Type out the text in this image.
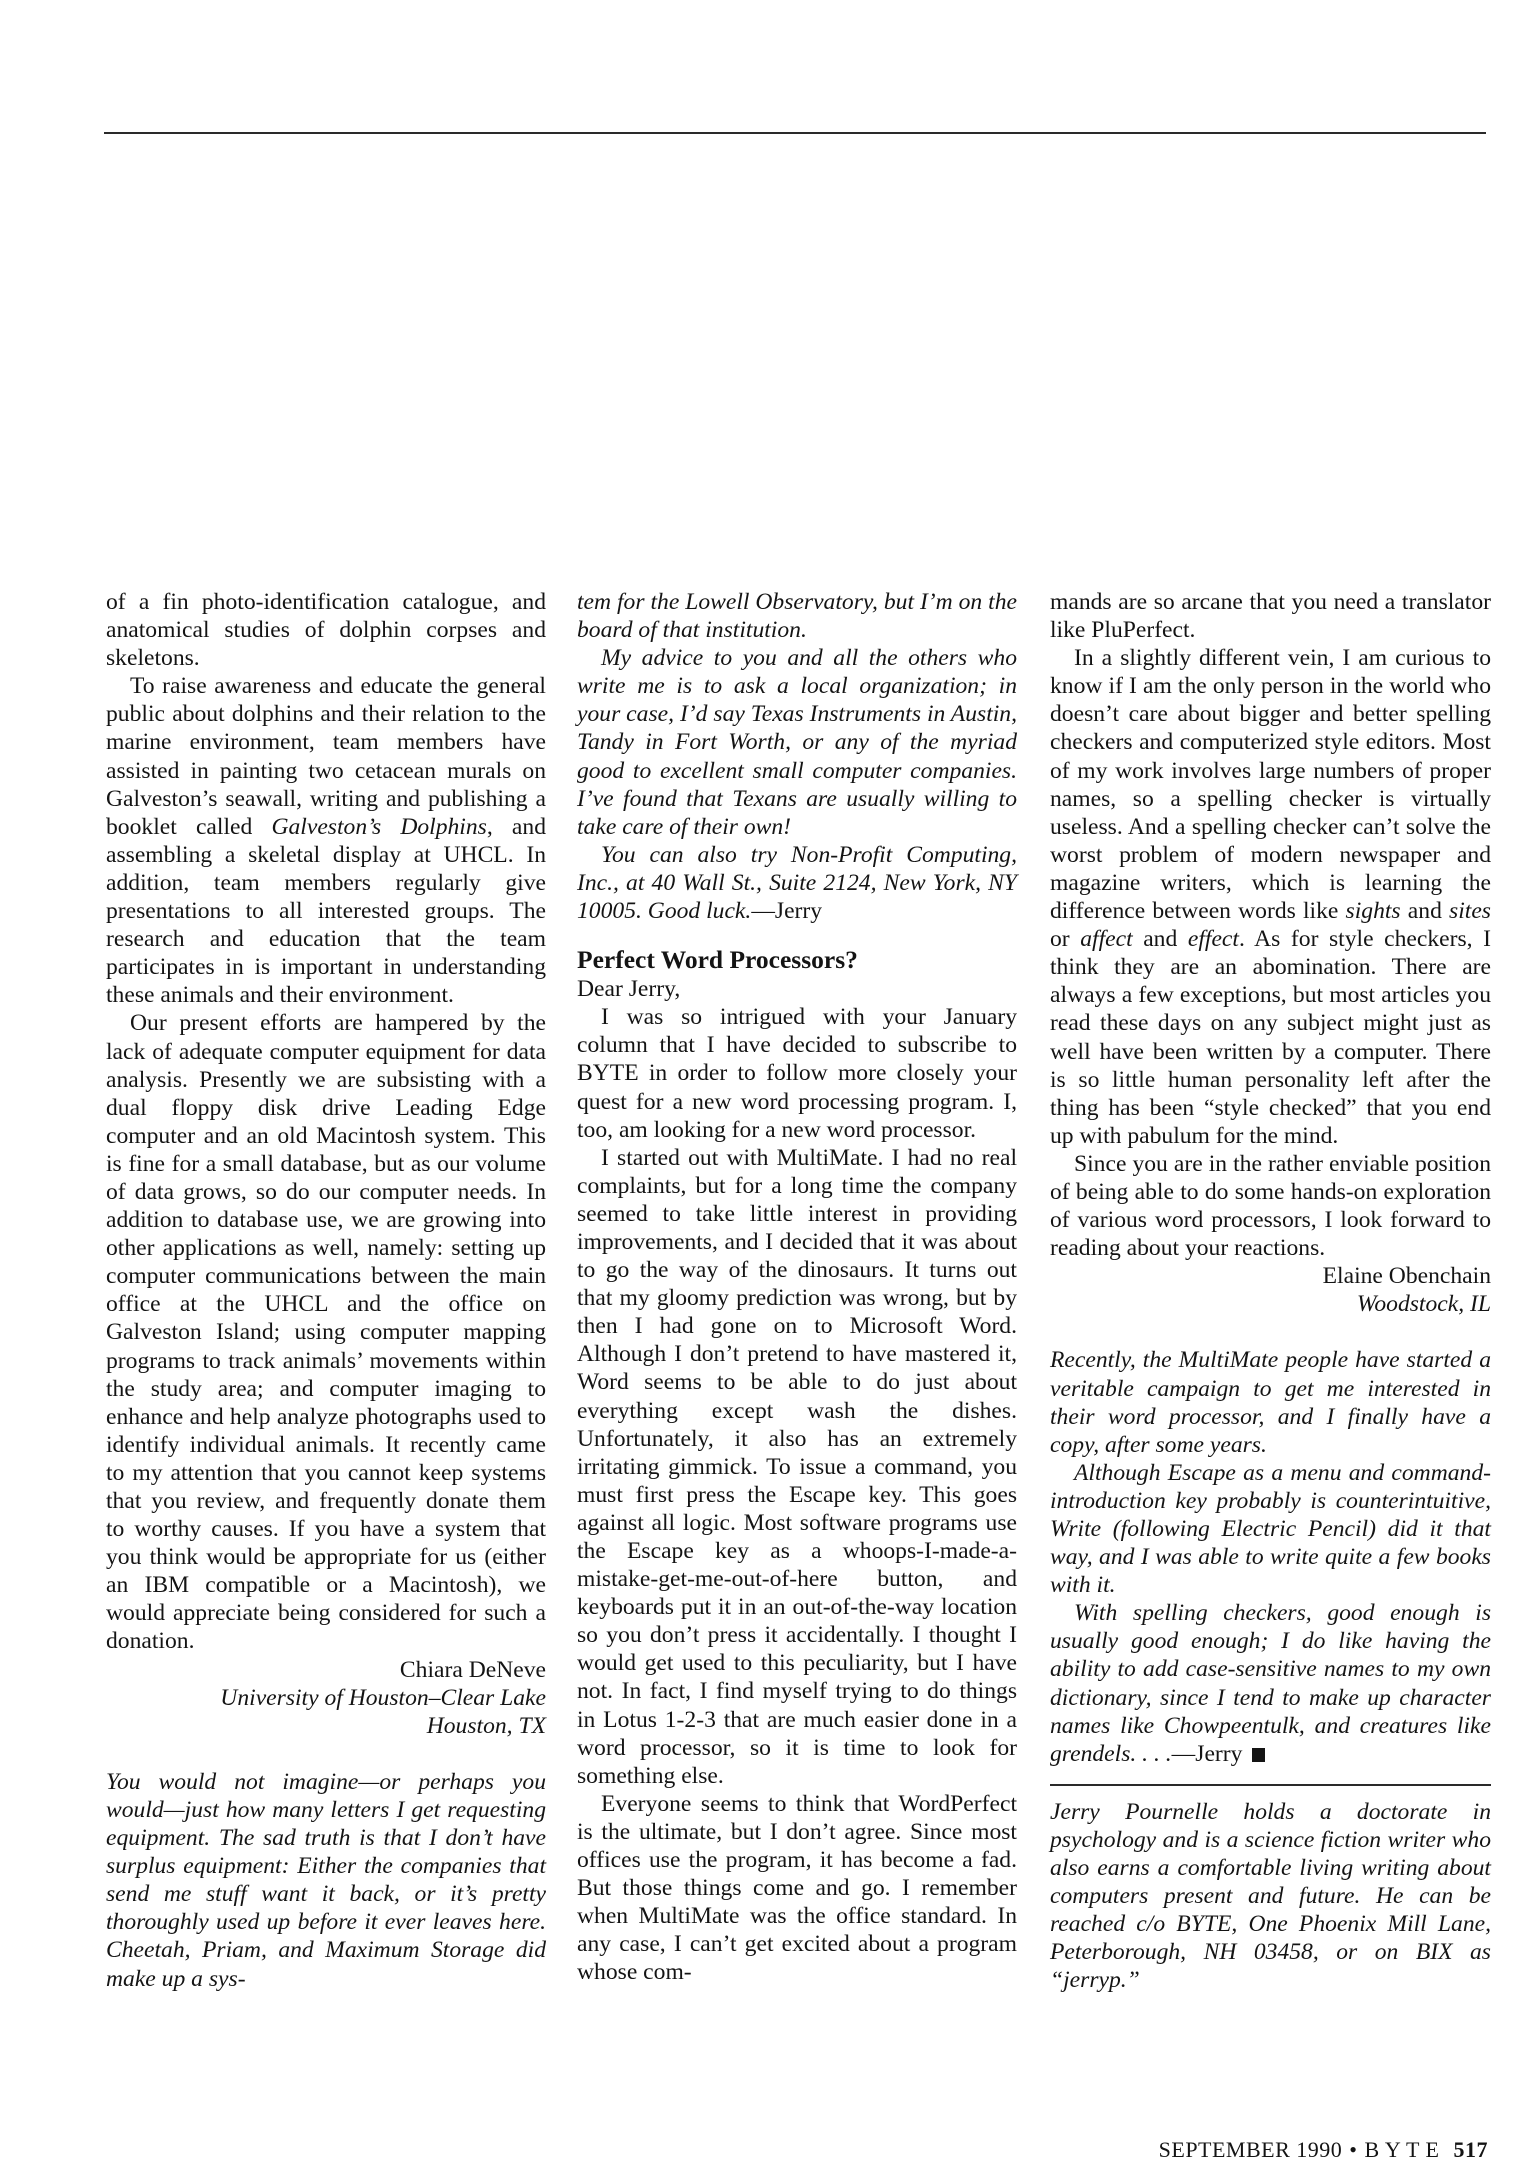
of a fin photo-identification catalogue, and anatomical studies of dolphin corpses and skeletons.

To raise awareness and educate the general public about dolphins and their relation to the marine environment, team members have assisted in painting two cetacean murals on Galveston’s seawall, writing and publishing a booklet called Galveston’s Dolphins, and assembling a skeletal display at UHCL. In addition, team members regularly give presentations to all interested groups. The research and education that the team participates in is important in understanding these animals and their environment.

Our present efforts are hampered by the lack of adequate computer equipment for data analysis. Presently we are subsisting with a dual floppy disk drive Leading Edge computer and an old Macintosh system. This is fine for a small database, but as our volume of data grows, so do our computer needs. In addition to database use, we are growing into other applications as well, namely: setting up computer communications between the main office at the UHCL and the office on Galveston Island; using computer mapping programs to track animals’ movements within the study area; and computer imaging to enhance and help analyze photographs used to identify individual animals. It recently came to my attention that you cannot keep systems that you review, and frequently donate them to worthy causes. If you have a system that you think would be appropriate for us (either an IBM compatible or a Macintosh), we would appreciate being considered for such a donation.

Chiara DeNeve

University of Houston–Clear Lake

Houston, TX

You would not imagine—or perhaps you would—just how many letters I get requesting equipment. The sad truth is that I don’t have surplus equipment: Either the companies that send me stuff want it back, or it’s pretty thoroughly used up before it ever leaves here. Cheetah, Priam, and Maximum Storage did make up a sys-

tem for the Lowell Observatory, but I’m on the board of that institution.

My advice to you and all the others who write me is to ask a local organization; in your case, I’d say Texas Instruments in Austin, Tandy in Fort Worth, or any of the myriad good to excellent small computer companies. I’ve found that Texans are usually willing to take care of their own!

You can also try Non-Profit Computing, Inc., at 40 Wall St., Suite 2124, New York, NY 10005. Good luck.—Jerry

Perfect Word Processors?

Dear Jerry,

I was so intrigued with your January column that I have decided to subscribe to BYTE in order to follow more closely your quest for a new word processing program. I, too, am looking for a new word processor.

I started out with MultiMate. I had no real complaints, but for a long time the company seemed to take little interest in providing improvements, and I decided that it was about to go the way of the dinosaurs. It turns out that my gloomy prediction was wrong, but by then I had gone on to Microsoft Word. Although I don’t pretend to have mastered it, Word seems to be able to do just about everything except wash the dishes. Unfortunately, it also has an extremely irritating gimmick. To issue a command, you must first press the Escape key. This goes against all logic. Most software programs use the Escape key as a whoops-I-made-a-mistake-get-me-out-of-here button, and keyboards put it in an out-of-the-way location so you don’t press it accidentally. I thought I would get used to this peculiarity, but I have not. In fact, I find myself trying to do things in Lotus 1-2-3 that are much easier done in a word processor, so it is time to look for something else.

Everyone seems to think that WordPerfect is the ultimate, but I don’t agree. Since most offices use the program, it has become a fad. But those things come and go. I remember when MultiMate was the office standard. In any case, I can’t get excited about a program whose com-

mands are so arcane that you need a translator like PluPerfect.

In a slightly different vein, I am curious to know if I am the only person in the world who doesn’t care about bigger and better spelling checkers and computerized style editors. Most of my work involves large numbers of proper names, so a spelling checker is virtually useless. And a spelling checker can’t solve the worst problem of modern newspaper and magazine writers, which is learning the difference between words like sights and sites or affect and effect. As for style checkers, I think they are an abomination. There are always a few exceptions, but most articles you read these days on any subject might just as well have been written by a computer. There is so little human personality left after the thing has been “style checked” that you end up with pabulum for the mind.

Since you are in the rather enviable position of being able to do some hands-on exploration of various word processors, I look forward to reading about your reactions.

Elaine Obenchain

Woodstock, IL

Recently, the MultiMate people have started a veritable campaign to get me interested in their word processor, and I finally have a copy, after some years.

Although Escape as a menu and command-introduction key probably is counterintuitive, Write (following Electric Pencil) did it that way, and I was able to write quite a few books with it.

With spelling checkers, good enough is usually good enough; I do like having the ability to add case-sensitive names to my own dictionary, since I tend to make up character names like Chowpeentulk, and creatures like grendels. . . .—Jerry

Jerry Pournelle holds a doctorate in psychology and is a science fiction writer who also earns a comfortable living writing about computers present and future. He can be reached c/o BYTE, One Phoenix Mill Lane, Peterborough, NH 03458, or on BIX as “jerryp.”

SEPTEMBER 1990 • B Y T E 517
